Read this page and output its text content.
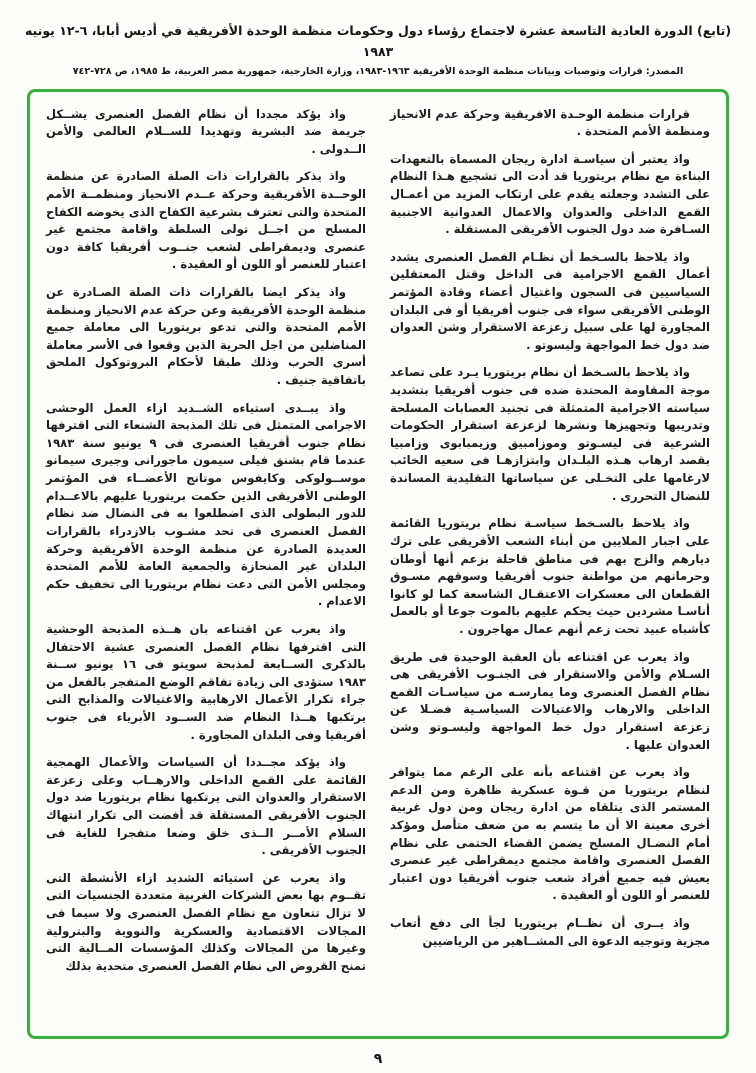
(تابع) الدورة العادية التاسعة عشرة لاجتماع رؤساء دول وحكومات منظمة الوحدة الأفريقية في أديس أبابا، ٦-١٢ يونيه ١٩٨٣
المصدر: قرارات وتوصيات وبيانات منظمة الوحدة الأفريقية ١٩٦٣-١٩٨٣، وزارة الخارجية، جمهورية مصر العربية، ط ١٩٨٥، ص ٧٢٨-٧٤٢

قرارات منظمة الوحـدة الافريقية وحركة عدم الانحياز ومنظمة الأمم المتحدة .

واذ يعتبر أن سياسـة ادارة ريجان المسماة بالتعهدات البناءة مع نظام بريتوريا قد أدت الى تشجيع هـذا النظام على التشدد وجعلته يقدم على ارتكاب المزيد من أعمـال القمع الداخلى والعدوان والاعمال العدوانية الاجنبية السـافرة ضد دول الجنوب الأفريقى المستقلة .

واذ يلاحظ بالسـخط أن نظـام الفصل العنصرى يشدد أعمال القمع الاجرامية فى الداخل وقتل المعتقلين السياسيين فى السجون واغتيال أعضاء وقادة المؤتمر الوطنى الأفريقى سواء فى جنوب أفريقيا أو فى البلدان المجاورة لها على سبيل زعزعة الاستقرار وشن العدوان ضد دول خط المواجهة وليسوتو .

واذ يلاحظ بالسـخط أن نظام بريتوريا يـرد على تصاعد موجة المقاومة المحتدة ضده فى جنوب أفريقيا بتشديد سياسته الاجرامية المتمثلة فى تجنيد العصابات المسلحة وتدريبها وتجهيزها ونشرها لزعزعة استقرار الحكومات الشرعية فى ليسـوتو وموزامبيق وزيمبابوى وزامبيا بقصد ارهاب هـذه البلـدان وابتزازهـا فى سعيه الخائب لارغامها على التخـلى عن سياساتها التقليدية المساندة للنضال التحررى .

واذ يلاحظ بالسـخط سياسـة نظام بريتوريا القائمة على اجبار الملايين من أبناء الشعب الأفريقى على ترك ديارهم والزج بهم فى مناطق قاحلة بزعم أنها أوطان وحرمانهم من مواطنة جنوب أفريقيا وسوقهم مسـوق القطعان الى معسكرات الاعتقـال الشاسعة كما لو كانوا أناسـا مشردين حيث يحكم عليهم بالموت جوعا أو بالعمل كأشباه عبيد تحت زعم أنهم عمال مهاجرون .

واذ يعرب عن اقتناعه بأن العقبة الوحيدة فى طريق السـلام والأمن والاستقرار فى الجنـوب الأفريقى هى نظام الفصل العنصرى وما يمارسـه من سياسـات القمع الداخلى والارهاب والاغتيالات السياسـية فضـلا عن زعزعة استقرار دول خط المواجهة وليسـوتو وشن العدوان عليها .

واذ يعرب عن اقتناعه بأنه على الرغم مما يتوافر لنظام بريتوريا من قـوة عسكرية ظاهرة ومن الدعم المستمر الذى يتلقاه من ادارة ريجان ومن دول غربية أخرى معينة الا أن ما يتسم به من ضعف متأصل ومؤكد أمام النضـال المسلح يضمن القضاء الحتمى على نظام الفصل العنصرى واقامة مجتمع ديمقراطى غير عنصرى يعيش فيه جميع أفراد شعب جنوب أفريقيا دون اعتبار للعنصر أو اللون أو العقيدة .

واذ يــرى أن نظــام بريتوريا لجأ الى دفع أتعاب مجزية وتوجيه الدعوة الى المشــاهير من الرياضيين

واذ يؤكد مجددا أن نظام الفصل العنصرى يشــكل جريمة ضد البشرية وتهديدا للســلام العالمى والأمن الــدولى .

واذ يذكر بالقرارات ذات الصلة الصادرة عن منظمة الوحــدة الأفريقية وحركة عــدم الانحياز ومنظمــة الأمم المتحدة والتى تعترف بشرعية الكفاح الذى يخوضه الكفاح المسلح من اجــل تولى السلطة واقامة مجتمع غير عنصرى وديمقراطى لشعب جنــوب أفريقيا كافة دون اعتبار للعنصر أو اللون أو العقيدة .

واذ يذكر ايضا بالقرارات ذات الصلة الصـادرة عن منظمة الوحدة الأفريقية وعن حركة عدم الانحياز ومنظمة الأمم المتحدة والتى تدعو بريتوريا الى معاملة جميع المناضلين من اجل الحرية الذين وقعوا فى الأسر معاملة أسرى الحرب وذلك طبقا لأحكام البروتوكول الملحق باتفاقية جنيف .

واذ يبــدى استياءه الشــديد ازاء العمل الوحشى الاجرامى المتمثل فى تلك المذبحة الشنعاء التى اقترفها نظام جنوب أفريقيا العنصرى فى ٩ يونيو سنة ١٩٨٣ عندما قام بشنق فيلى سيمون ماجورانى وجيرى سيمانو موســولوكى وكايفوس موتانج الأعضــاء فى المؤتمر الوطنى الأفريقى الذين حكمت بريتوريا عليهم بالاعــدام للدور البطولى الذى اضطلعوا به فى النضال ضد نظام الفصل العنصرى فى تحد مشـوب بالازدراء بالقرارات العديدة الصادرة عن منظمة الوحدة الأفريقية وحركة البلدان غير المنحازة والجمعية العامة للأمم المتحدة ومجلس الأمن التى دعت نظام بريتوريا الى تخفيف حكم الاعدام .

واذ يعرب عن اقتناعه بان هــذه المذبحة الوحشية التى اقترفها نظام الفصل العنصرى عشية الاحتفال بالذكرى الســابعة لمذبحة سويتو فى ١٦ يونيو ســنة ١٩٨٣ ستؤدى الى زيادة تفاقم الوضع المتفجر بالفعل من جراء تكرار الأعمال الارهابية والاغتيالات والمذابح التى يرتكبها هــذا النظام ضد الســود الأبرياء فى جنوب أفريقيا وفى البلدان المجاورة .

واذ يؤكد مجــددا أن السياسات والأعمال الهمجية القائمة على القمع الداخلى والارهــاب وعلى زعزعة الاستقرار والعدوان التى يرتكبها نظام بريتوريا ضد دول الجنوب الأفريقى المستقلة قد أفضت الى تكرار انتهاك السلام الأمــر الــذى خلق وضعا متفجرا للغاية فى الجنوب الأفريقى .

واذ يعرب عن استيائه الشديد ازاء الأنشطة التى تقــوم بها بعض الشركات الغربية متعددة الجنسيات التى لا تزال تتعاون مع نظام الفصل العنصرى ولا سيما فى المجالات الاقتصادية والعسكرية والنووية والبترولية وغيرها من المجالات وكذلك المؤسسات المــالية التى تمنح القروض الى نظام الفصل العنصرى متحدية بذلك

٩
